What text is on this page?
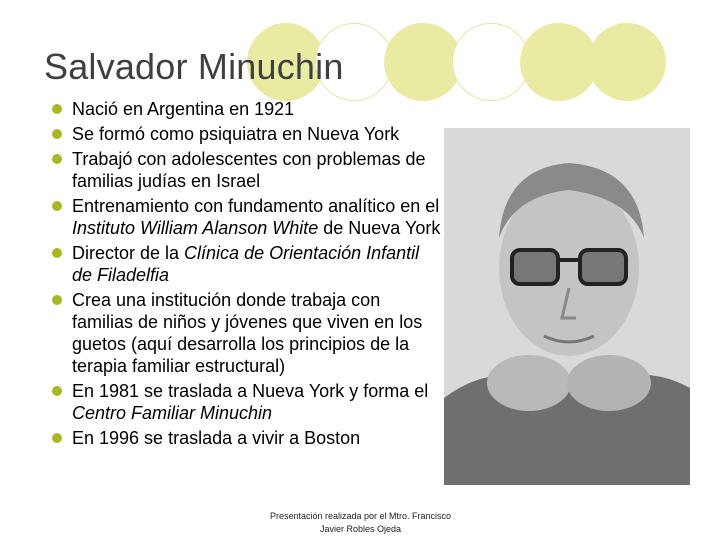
Salvador Minuchin
Nació en Argentina en 1921
Se formó como psiquiatra en Nueva York
Trabajó con adolescentes con problemas de familias judías en Israel
Entrenamiento con fundamento analítico en el Instituto William Alanson White de Nueva York
Director de la Clínica de Orientación Infantil de Filadelfia
Crea una institución donde trabaja con familias de niños y jóvenes que viven en los guetos (aquí desarrolla los principios de la terapia familiar estructural)
En 1981 se traslada a Nueva York y forma el Centro Familiar Minuchin
En 1996 se traslada a vivir a Boston
Presentación realizada por el Mtro. Francisco Javier Robles Ojeda
